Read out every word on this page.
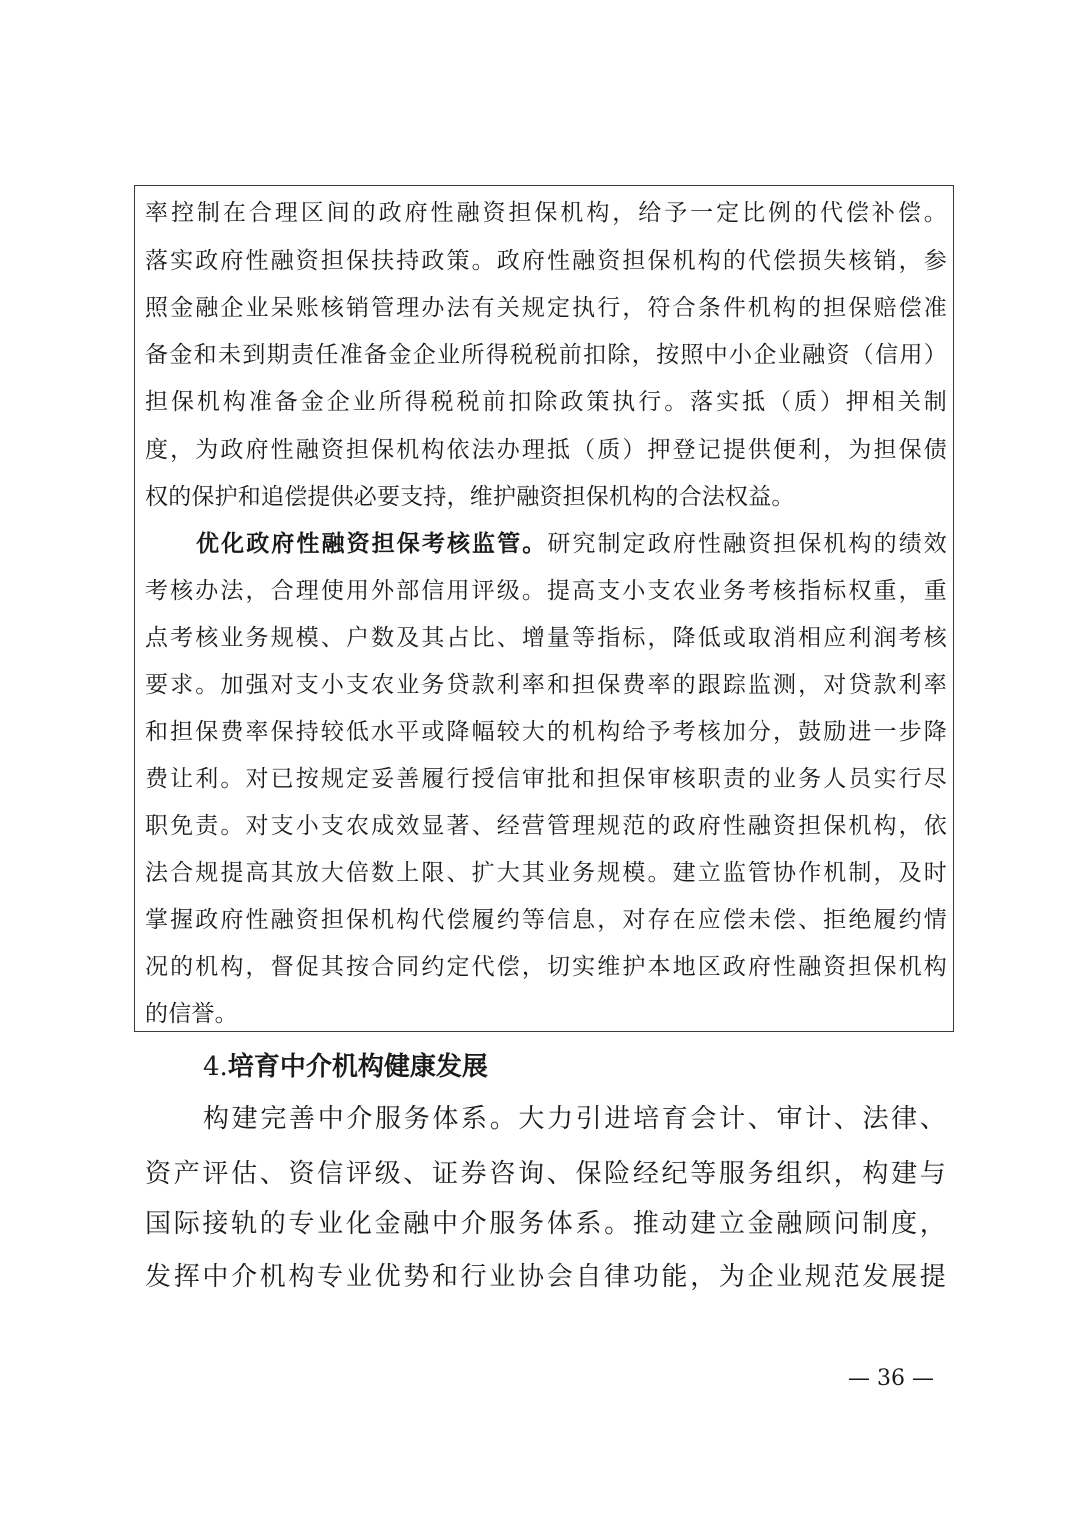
率控制在合理区间的政府性融资担保机构，给予一定比例的代偿补偿。
落实政府性融资担保扶持政策。政府性融资担保机构的代偿损失核销，参
照金融企业呆账核销管理办法有关规定执行，符合条件机构的担保赔偿准
备金和未到期责任准备金企业所得税税前扣除，按照中小企业融资（信用）
担保机构准备金企业所得税税前扣除政策执行。落实抵（质）押相关制
度，为政府性融资担保机构依法办理抵（质）押登记提供便利，为担保债
权的保护和追偿提供必要支持，维护融资担保机构的合法权益。
优化政府性融资担保考核监管。研究制定政府性融资担保机构的绩效
考核办法，合理使用外部信用评级。提高支小支农业务考核指标权重，重
点考核业务规模、户数及其占比、增量等指标，降低或取消相应利润考核
要求。加强对支小支农业务贷款利率和担保费率的跟踪监测，对贷款利率
和担保费率保持较低水平或降幅较大的机构给予考核加分，鼓励进一步降
费让利。对已按规定妥善履行授信审批和担保审核职责的业务人员实行尽
职免责。对支小支农成效显著、经营管理规范的政府性融资担保机构，依
法合规提高其放大倍数上限、扩大其业务规模。建立监管协作机制，及时
掌握政府性融资担保机构代偿履约等信息，对存在应偿未偿、拒绝履约情
况的机构，督促其按合同约定代偿，切实维护本地区政府性融资担保机构
的信誉。
4.培育中介机构健康发展
构建完善中介服务体系。大力引进培育会计、审计、法律、
资产评估、资信评级、证券咨询、保险经纪等服务组织，构建与
国际接轨的专业化金融中介服务体系。推动建立金融顾问制度，
发挥中介机构专业优势和行业协会自律功能，为企业规范发展提
— 36 —
